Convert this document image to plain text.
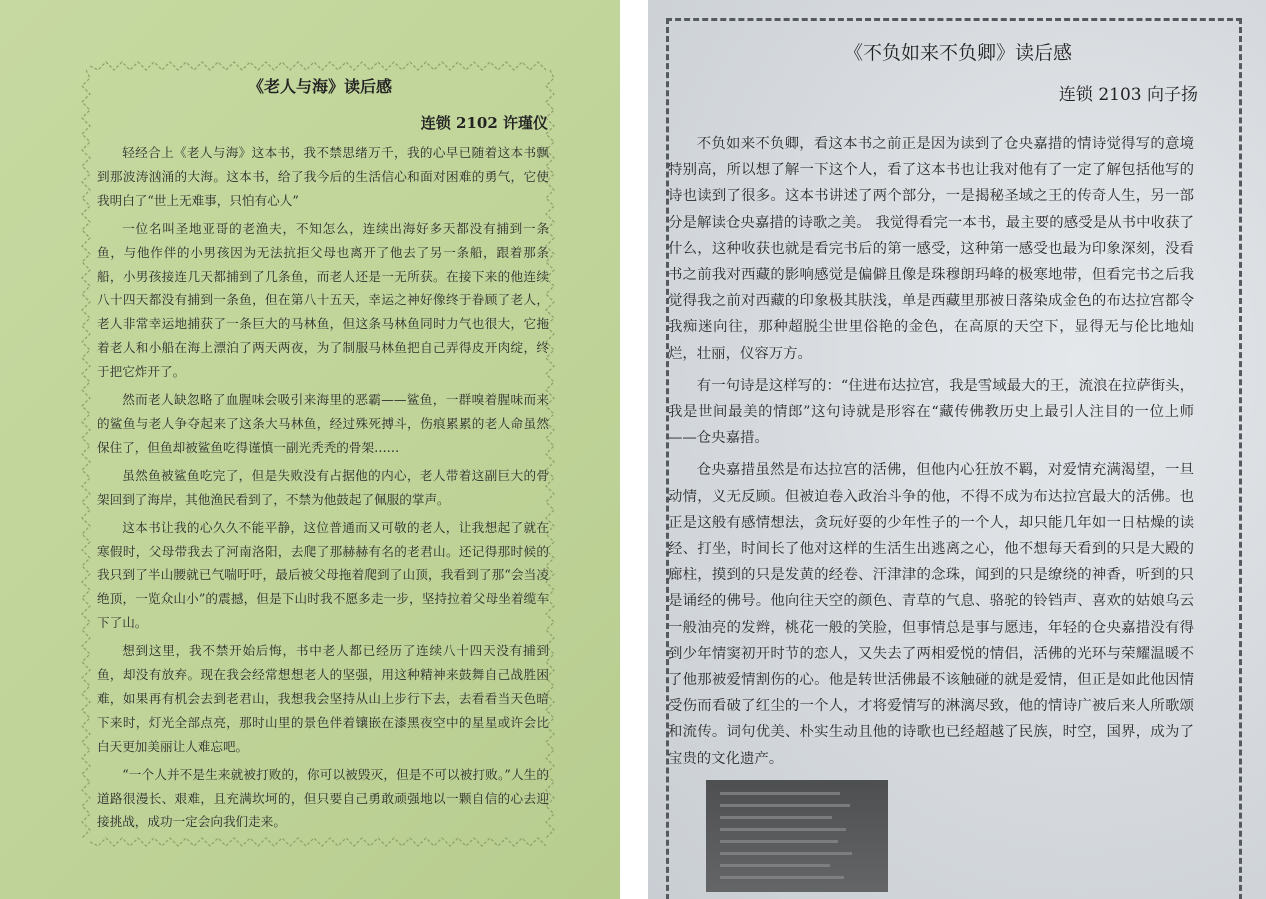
《老人与海》读后感
连锁 2102 许瑾仪

轻经合上《老人与海》这本书，我不禁思绪万千，我的心早已随着这本书飘到那波涛汹涌的大海。这本书，给了我今后的生活信心和面对困难的勇气，它使我明白了“世上无难事，只怕有心人”

一位名叫圣地亚哥的老渔夫，不知怎么，连续出海好多天都没有捕到一条鱼，与他作伴的小男孩因为无法抗拒父母也离开了他去了另一条船，跟着那条船，小男孩接连几天都捕到了几条鱼，而老人还是一无所获。在接下来的他连续八十四天都没有捕到一条鱼，但在第八十五天，幸运之神好像终于眷顾了老人，老人非常幸运地捕获了一条巨大的马林鱼，但这条马林鱼同时力气也很大，它拖着老人和小船在海上漂泊了两天两夜，为了制服马林鱼把自己弄得皮开肉绽，终于把它炸开了。

然而老人缺忽略了血腥味会吸引来海里的恶霸——鲨鱼，一群嗅着腥味而来的鲨鱼与老人争夺起来了这条大马林鱼，经过殊死搏斗，伤痕累累的老人命虽然保住了，但鱼却被鲨鱼吃得谨慎一副光秃秃的骨架……

虽然鱼被鲨鱼吃完了，但是失败没有占据他的内心，老人带着这副巨大的骨架回到了海岸，其他渔民看到了，不禁为他鼓起了佩服的掌声。

这本书让我的心久久不能平静，这位普通而又可敬的老人，让我想起了就在寒假时，父母带我去了河南洛阳，去爬了那赫赫有名的老君山。还记得那时候的我只到了半山腰就已气喘吁吁，最后被父母拖着爬到了山顶，我看到了那“会当凌绝顶，一览众山小”的震撼，但是下山时我不愿多走一步，坚持拉着父母坐着缆车下了山。

想到这里，我不禁开始后悔，书中老人都已经历了连续八十四天没有捕到鱼，却没有放弃。现在我会经常想想老人的坚强，用这种精神来鼓舞自己战胜困难，如果再有机会去到老君山，我想我会坚持从山上步行下去，去看看当天色暗下来时，灯光全部点亮，那时山里的景色伴着镶嵌在漆黑夜空中的星星或许会比白天更加美丽让人难忘吧。

“一个人并不是生来就被打败的，你可以被毁灭，但是不可以被打败。”人生的道路很漫长、艰难，且充满坎坷的，但只要自己勇敢顽强地以一颗自信的心去迎接挑战，成功一定会向我们走来。

《不负如来不负卿》读后感
连锁 2103 向子扬

不负如来不负卿，看这本书之前正是因为读到了仓央嘉措的情诗觉得写的意境特别高，所以想了解一下这个人，看了这本书也让我对他有了一定了解包括他写的诗也读到了很多。这本书讲述了两个部分，一是揭秘圣域之王的传奇人生，另一部分是解读仓央嘉措的诗歌之美。 我觉得看完一本书，最主要的感受是从书中收获了什么，这种收获也就是看完书后的第一感受，这种第一感受也最为印象深刻，没看书之前我对西藏的影响感觉是偏僻且像是珠穆朗玛峰的极寒地带，但看完书之后我觉得我之前对西藏的印象极其肤浅，单是西藏里那被日落染成金色的布达拉宫都令我痴迷向往，那种超脱尘世里俗艳的金色，在高原的天空下，显得无与伦比地灿烂，壮丽，仪容万方。

有一句诗是这样写的：“住进布达拉宫，我是雪域最大的王，流浪在拉萨街头，我是世间最美的情郎”这句诗就是形容在“藏传佛教历史上最引人注目的一位上师——仓央嘉措。

仓央嘉措虽然是布达拉宫的活佛，但他内心狂放不羁，对爱情充满渴望，一旦动情，义无反顾。但被迫卷入政治斗争的他，不得不成为布达拉宫最大的活佛。也正是这般有感情想法，贪玩好耍的少年性子的一个人，却只能几年如一日枯燥的读经、打坐，时间长了他对这样的生活生出逃离之心，他不想每天看到的只是大殿的廊柱，摸到的只是发黄的经卷、汗津津的念珠，闻到的只是缭绕的神香，听到的只是诵经的佛号。他向往天空的颜色、青草的气息、骆驼的铃铛声、喜欢的姑娘乌云一般油亮的发辫，桃花一般的笑脸，但事情总是事与愿违，年轻的仓央嘉措没有得到少年情窦初开时节的恋人，又失去了两相爱悦的情侣，活佛的光环与荣耀温暖不了他那被爱情割伤的心。他是转世活佛最不该触碰的就是爱情，但正是如此他因情受伤而看破了红尘的一个人，才将爱情写的淋漓尽致，他的情诗广被后来人所歌颂和流传。词句优美、朴实生动且他的诗歌也已经超越了民族，时空，国界，成为了宝贵的文化遗产。
